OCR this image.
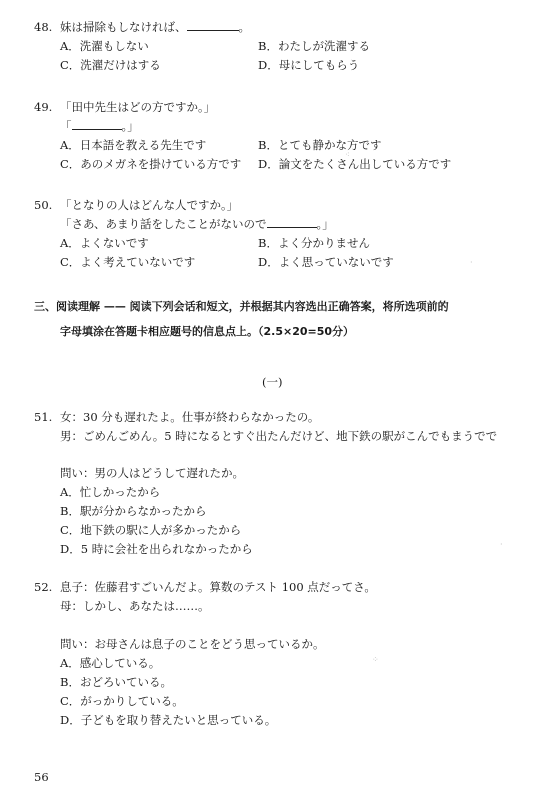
48. 妹は掃除もしなければ、	。
A．洗濯もしない	B．わたしが洗濯する
C．洗濯だけはする	D．母にしてもらう
49. 「田中先生はどの方ですか。」
「	。」
A．日本語を教える先生です	B．とても静かな方です
C．あのメガネを掛けている方です D．論文をたくさん出している方です
50. 「となりの人はどんな人ですか。」
「さあ、あまり話をしたことがないので	。」
A．よくないです	B．よく分かりません
C．よく考えていないです	D．よく思っていないです
三、阅读理解 —— 阅读下列会话和短文，并根据其内容选出正确答案，将所选项前的
字母填涂在答题卡相应题号的信息点上。（2.5×20=50分）
(一)
51. 女：30 分も遅れたよ。仕事が終わらなかったの。
男：ごめんごめん。5 時になるとすぐ出たんだけど、地下鉄の駅がこんでもまうでで
問い：男の人はどうして遅れたか。
A．忙しかったから
B．駅が分からなかったから
C．地下鉄の駅に人が多かったから
D．5 時に会社を出られなかったから
52. 息子：佐藤君すごいんだよ。算数のテスト 100 点だってさ。
母：しかし、あなたは……。
問い：お母さんは息子のことをどう思っているか。
A．感心している。
B．おどろいている。
C．がっかりしている。
D．子どもを取り替えたいと思っている。
56
⁖
·
⁘
·
